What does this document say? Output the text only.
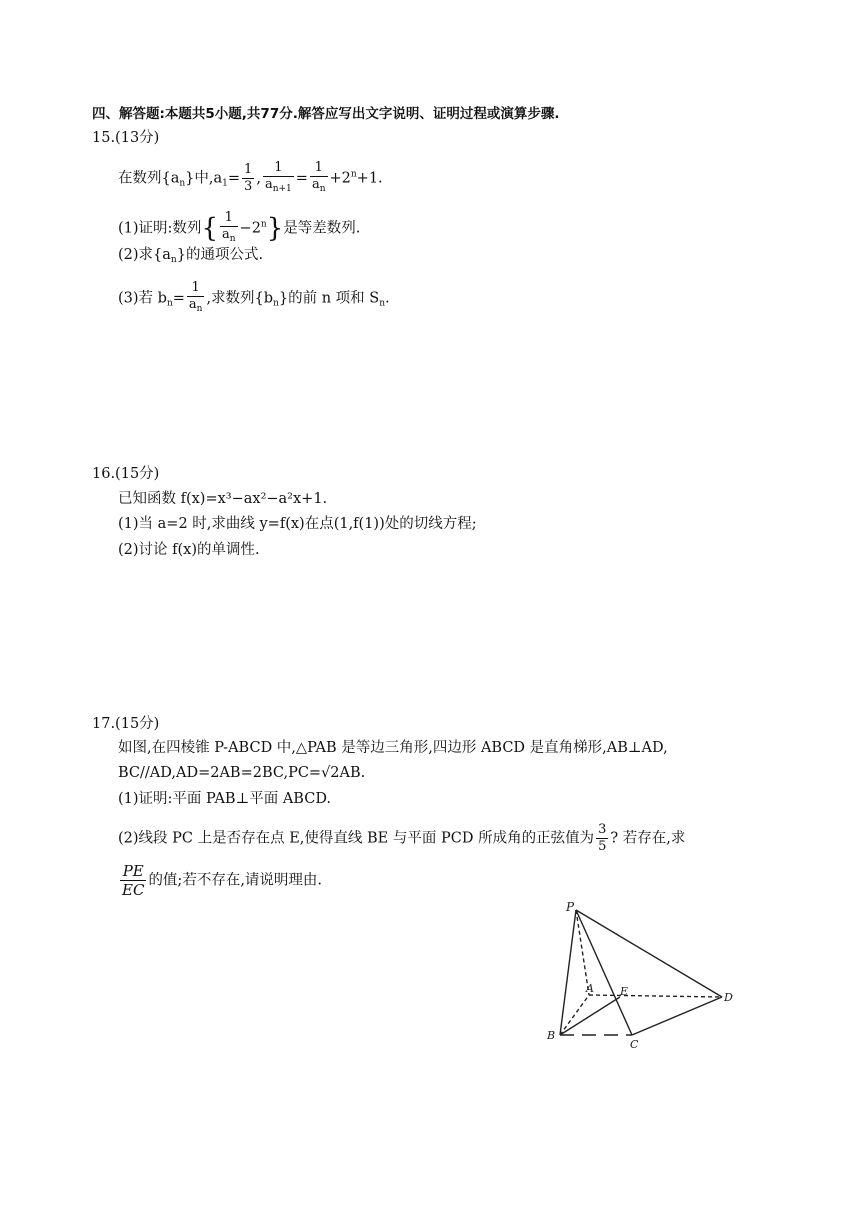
四、解答题:本题共5小题,共77分.解答应写出文字说明、证明过程或演算步骤.
15.(13分)
在数列$\{a_n\}$中$,a_1= \frac{1}{3}$ , $\frac{1}{a_{n+1}} = \frac{1}{a_n} +2^n+1$.
(1)证明:数列{ $\frac{1}{a_n} -2^n$}是等差数列.
(2)求$\{a_n\}$的通项公式.
(3)若 $b_n= \frac{1}{a_n}$ ,求数列$\{b_n\}$的前 n 项和 $S_n$.
16.(15分)
已知函数 f(x)=x³−ax²−a²x+1.
(1)当 a=2 时,求曲线 y=f(x)在点(1,f(1))处的切线方程;
(2)讨论 f(x)的单调性.
17.(15分)
如图,在四棱锥 P-ABCD 中,△PAB 是等边三角形,四边形 ABCD 是直角梯形,AB⊥AD,
BC//AD,AD=2AB=2BC,PC=√2AB.
(1)证明:平面 PAB⊥平面 ABCD.
(2)线段 PC 上是否存在点 E,使得直线 BE 与平面 PCD 所成角的正弦值为 $\frac{3}{5}$ ? 若存在,求
$\frac{PE}{EC}$ 的值;若不存在,请说明理由.
P
A E	D
B
C
